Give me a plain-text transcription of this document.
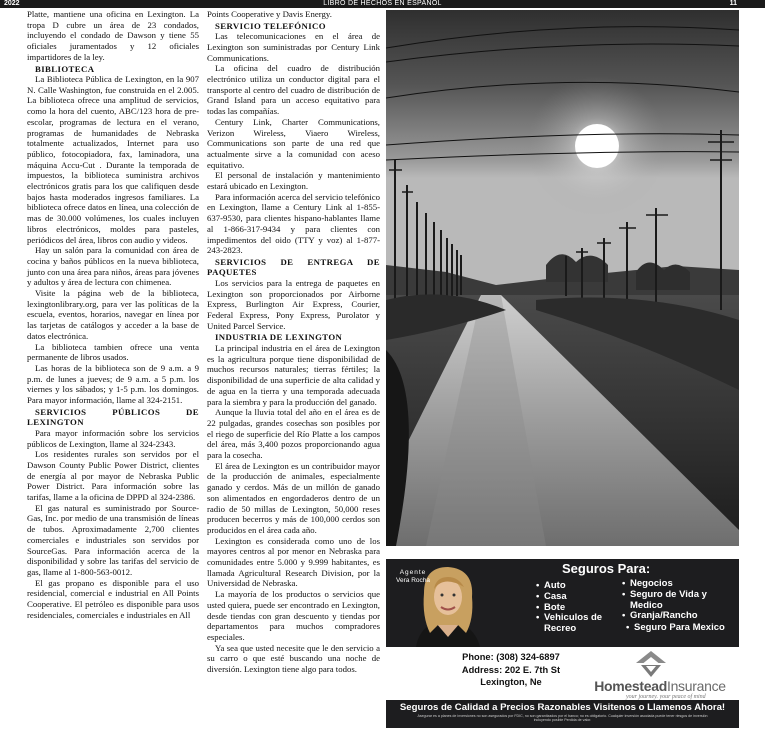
2022	LIBRO DE HECHOS EN ESPAÑOL	11

Platte, mantiene una oficina en Lexington. La tropa D cubre un área de 23 condados, incluyendo el condado de Dawson y tiene 55 oficiales juramentados y 12 oficiales impartidores de la ley.

BIBLIOTECA

La Biblioteca Pública de Lexington, en la 907 N. Calle Washington, fue construida en el 2.005. La biblioteca ofrece una amplitud de servicios, como la hora del cuento, ABC/123 hora de pre-escolar, programas de lectura en el verano, programas de humanidades de Nebraska totalmente actualizados, Internet para uso público, fotocopiadora, fax, laminadora, una máquina Accu-Cut . Durante la temporada de impuestos, la biblioteca suministra archivos electrónicos gratis para los que califiquen desde bajos hasta moderados ingresos familiares. La biblioteca ofrece datos en línea, una colección de mas de 30.000 volúmenes, los cuales incluyen libros electrónicos, moldes para pasteles, periódicos del área, libros con audio y videos.

Hay un salón para la comunidad con área de cocina y baños públicos en la nueva biblioteca, junto con una área para niños, áreas para jóvenes y adultos y área de lectura con chimenea.

Visite la página web de la biblioteca, lexingtonlibrary.org, para ver las políticas de la escuela, eventos, horarios, navegar en línea por las tarjetas de catálogos y acceder a la base de datos electrónica.

La biblioteca tambien ofrece una venta permanente de libros usados.

Las horas de la biblioteca son de 9 a.m. a 9 p.m. de lunes a jueves; de 9 a.m. a 5 p.m. los viernes y los sábados; y 1-5 p.m. los domingos. Para mayor información, llame al 324-2151.

SERVICIOS PÚBLICOS DE LEXINGTON

Para mayor información sobre los servicios públicos de Lexington, llame al 324-2343.

Los residentes rurales son servidos por el Dawson County Public Power District, clientes de energía al por mayor de Nebraska Public Power District. Para información sobre las tarifas, llame a la oficina de DPPD al 324-2386.

El gas natural es suministrado por Source-Gas, Inc. por medio de una transmisión de líneas de tubos. Aproximadamente 2,700 clientes comerciales e industriales son servidos por SourceGas. Para información acerca de la disponibilidad y sobre las tarifas del servicio de gas, llame al 1-800-563-0012.

El gas propano es disponible para el uso residencial, comercial e industrial en All Points Cooperative. El petróleo es disponible para usos residenciales, comerciales e industriales en All

Points Cooperative y Davis Energy.

SERVICIO TELEFÓNICO

Las telecomunicaciones en el área de Lexington son suministradas por Century Link Communications.

La oficina del cuadro de distribución electrónico utiliza un conductor digital para el transporte al centro del cuadro de distribución de Grand Island para un acceso equitativo para todas las compañías.

Century Link, Charter Communications, Verizon Wireless, Viaero Wireless, Communications son parte de una red que actualmente sirve a la comunidad con aceso equitativo.

El personal de instalación y mantenimiento estará ubicado en Lexington.

Para información acerca del servicio telefónico en Lexington, llame a Century Link al 1-855-637-9530, para clientes hispano-hablantes llame al 1-866-317-9434 y para clientes con impedimentos del oido (TTY y voz) al 1-877-243-2823.

SERVICIOS DE ENTREGA DE PAQUETES

Los servicios para la entrega de paquetes en Lexington son proporcionados por Airborne Express, Burlington Air Express, Courier, Federal Express, Pony Express, Purolator y United Parcel Service.

INDUSTRIA DE LEXINGTON

La principal industria en el área de Lexington es la agricultura porque tiene disponibilidad de muchos recursos naturales; tierras fértiles; la disponibilidad de una superficie de alta calidad y de agua en la tierra y una temporada adecuada para la siembra y para la producción del ganado.

Aunque la lluvia total del año en el área es de 22 pulgadas, grandes cosechas son posibles por el riego de superficie del Río Platte a los campos del área, más 3,400 pozos proporcionando agua para la cosecha.

El área de Lexington es un contribuidor mayor de la producción de animales, especialmente ganado y cerdos. Más de un millón de ganado son alimentados en engordaderos dentro de un radio de 50 millas de Lexington, 50,000 reses producen becerros y más de 100,000 cerdos son producidos en el área cada año.

Lexington es considerada como uno de los mayores centros al por menor en Nebraska para comunidades entre 5.000 y 9.999 habitantes, es llamada Agricultural Research Division, por la Universidad de Nebraska.

La mayoría de los productos o servicios que usted quiera, puede ser encontrado en Lexington, desde tiendas con gran descuento y tiendas por departamentos para muchos compradores especiales.

Ya sea que usted necesite que le den servicio a su carro o que esté buscando una noche de diversión. Lexington tiene algo para todos.

Agente
Vera Rocha
Seguros Para:
• Auto
• Casa
• Bote
• Vehiculos de Recreo
• Negocios
• Seguro de Vida y Medico
• Granja/Rancho
• Seguro Para Mexico
Phone: (308) 324-6897
Address: 202 E. 7th St
Lexington, Ne	HomesteadInsurance
your journey. your peace of mind
Seguros de Calidad a Precios Razonables Visitenos o Llamenos Ahora!
Asegurar es a planes de inversiones no son asegurados por FDIC, no son garantizados por el banco; no es obligatorio. Cualquier inversión asociada puede tener riesgos de inversión incluyendo posible Perdida de valor.
